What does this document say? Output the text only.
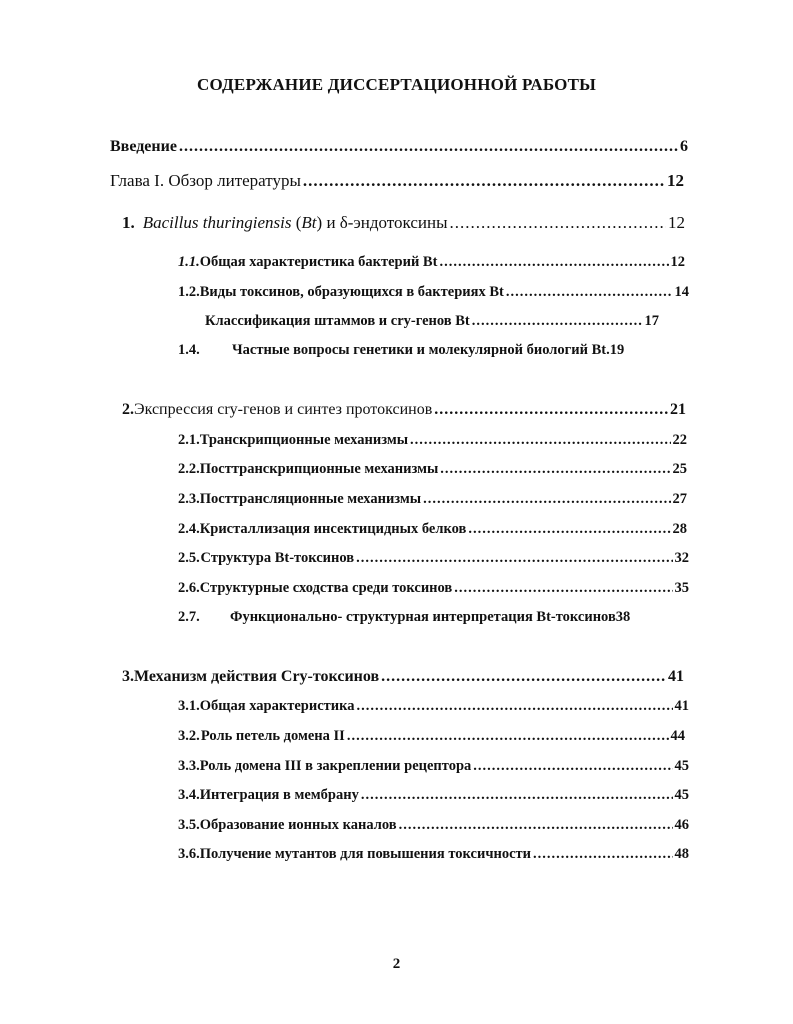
СОДЕРЖАНИЕ ДИССЕРТАЦИОННОЙ РАБОТЫ
Введение .....	6
Глава I. Обзор литературы .....	12
1. Bacillus thuringiensis (Bt) и δ-эндотоксины .....	12
1.1. Общая характеристика бактерий Bt .....	12
1.2. Виды токсинов, образующихся в бактериях Bt .....	14
Классификация штаммов и cry-генов Bt .....	17
1.4.	Частные вопросы генетики и молекулярной биологий Bt. 19
2. Экспрессия cry-генов и синтез протоксинов .....	21
2.1. Транскрипционные механизмы .....	22
2.2. Посттранскрипционные механизмы .....	25
2.3. Посттрансляционные механизмы .....	27
2.4. Кристаллизация инсектицидных белков .....	28
2.5. Структура Bt-токсинов .....	32
2.6. Структурные сходства среди токсинов .....	35
2.7.	Функционально- структурная интерпретация Bt-токсинов 38
3. Механизм действия Cry-токсинов .....	41
3.1. Общая характеристика .....	41
3.2. Роль петель домена II .....	44
3.3. Роль домена III в закреплении рецептора .....	45
3.4. Интеграция в мембрану .....	45
3.5. Образование ионных каналов .....	46
3.6. Получение мутантов для повышения токсичности .....	48
2
